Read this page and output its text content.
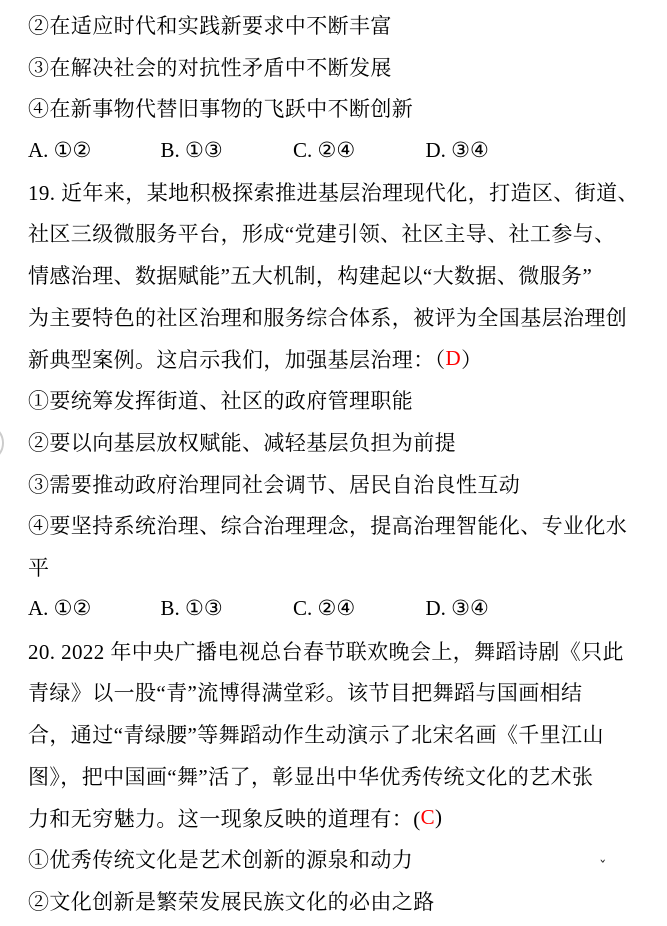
②在适应时代和实践新要求中不断丰富
③在解决社会的对抗性矛盾中不断发展
④在新事物代替旧事物的飞跃中不断创新
A. ①②	B. ①③	C. ②④	D. ③④
19. 近年来，某地积极探索推进基层治理现代化，打造区、街道、
社区三级微服务平台，形成“党建引领、社区主导、社工参与、
情感治理、数据赋能”五大机制，构建起以“大数据、微服务”
为主要特色的社区治理和服务综合体系，被评为全国基层治理创
新典型案例。这启示我们，加强基层治理：（ D ）
①要统筹发挥街道、社区的政府管理职能
②要以向基层放权赋能、减轻基层负担为前提
③需要推动政府治理同社会调节、居民自治良性互动
④要坚持系统治理、综合治理理念，提高治理智能化、专业化水
平
A. ①②	B. ①③	C. ②④	D. ③④
20. 2022 年中央广播电视总台春节联欢晚会上，舞蹈诗剧《只此
青绿》以一股“青”流博得满堂彩。该节目把舞蹈与国画相结
合，通过“青绿腰”等舞蹈动作生动演示了北宋名画《千里江山
图》，把中国画“舞”活了，彰显出中华优秀传统文化的艺术张
力和无穷魅力。这一现象反映的道理有：( C )
①优秀传统文化是艺术创新的源泉和动力
②文化创新是繁荣发展民族文化的必由之路
ˇ
